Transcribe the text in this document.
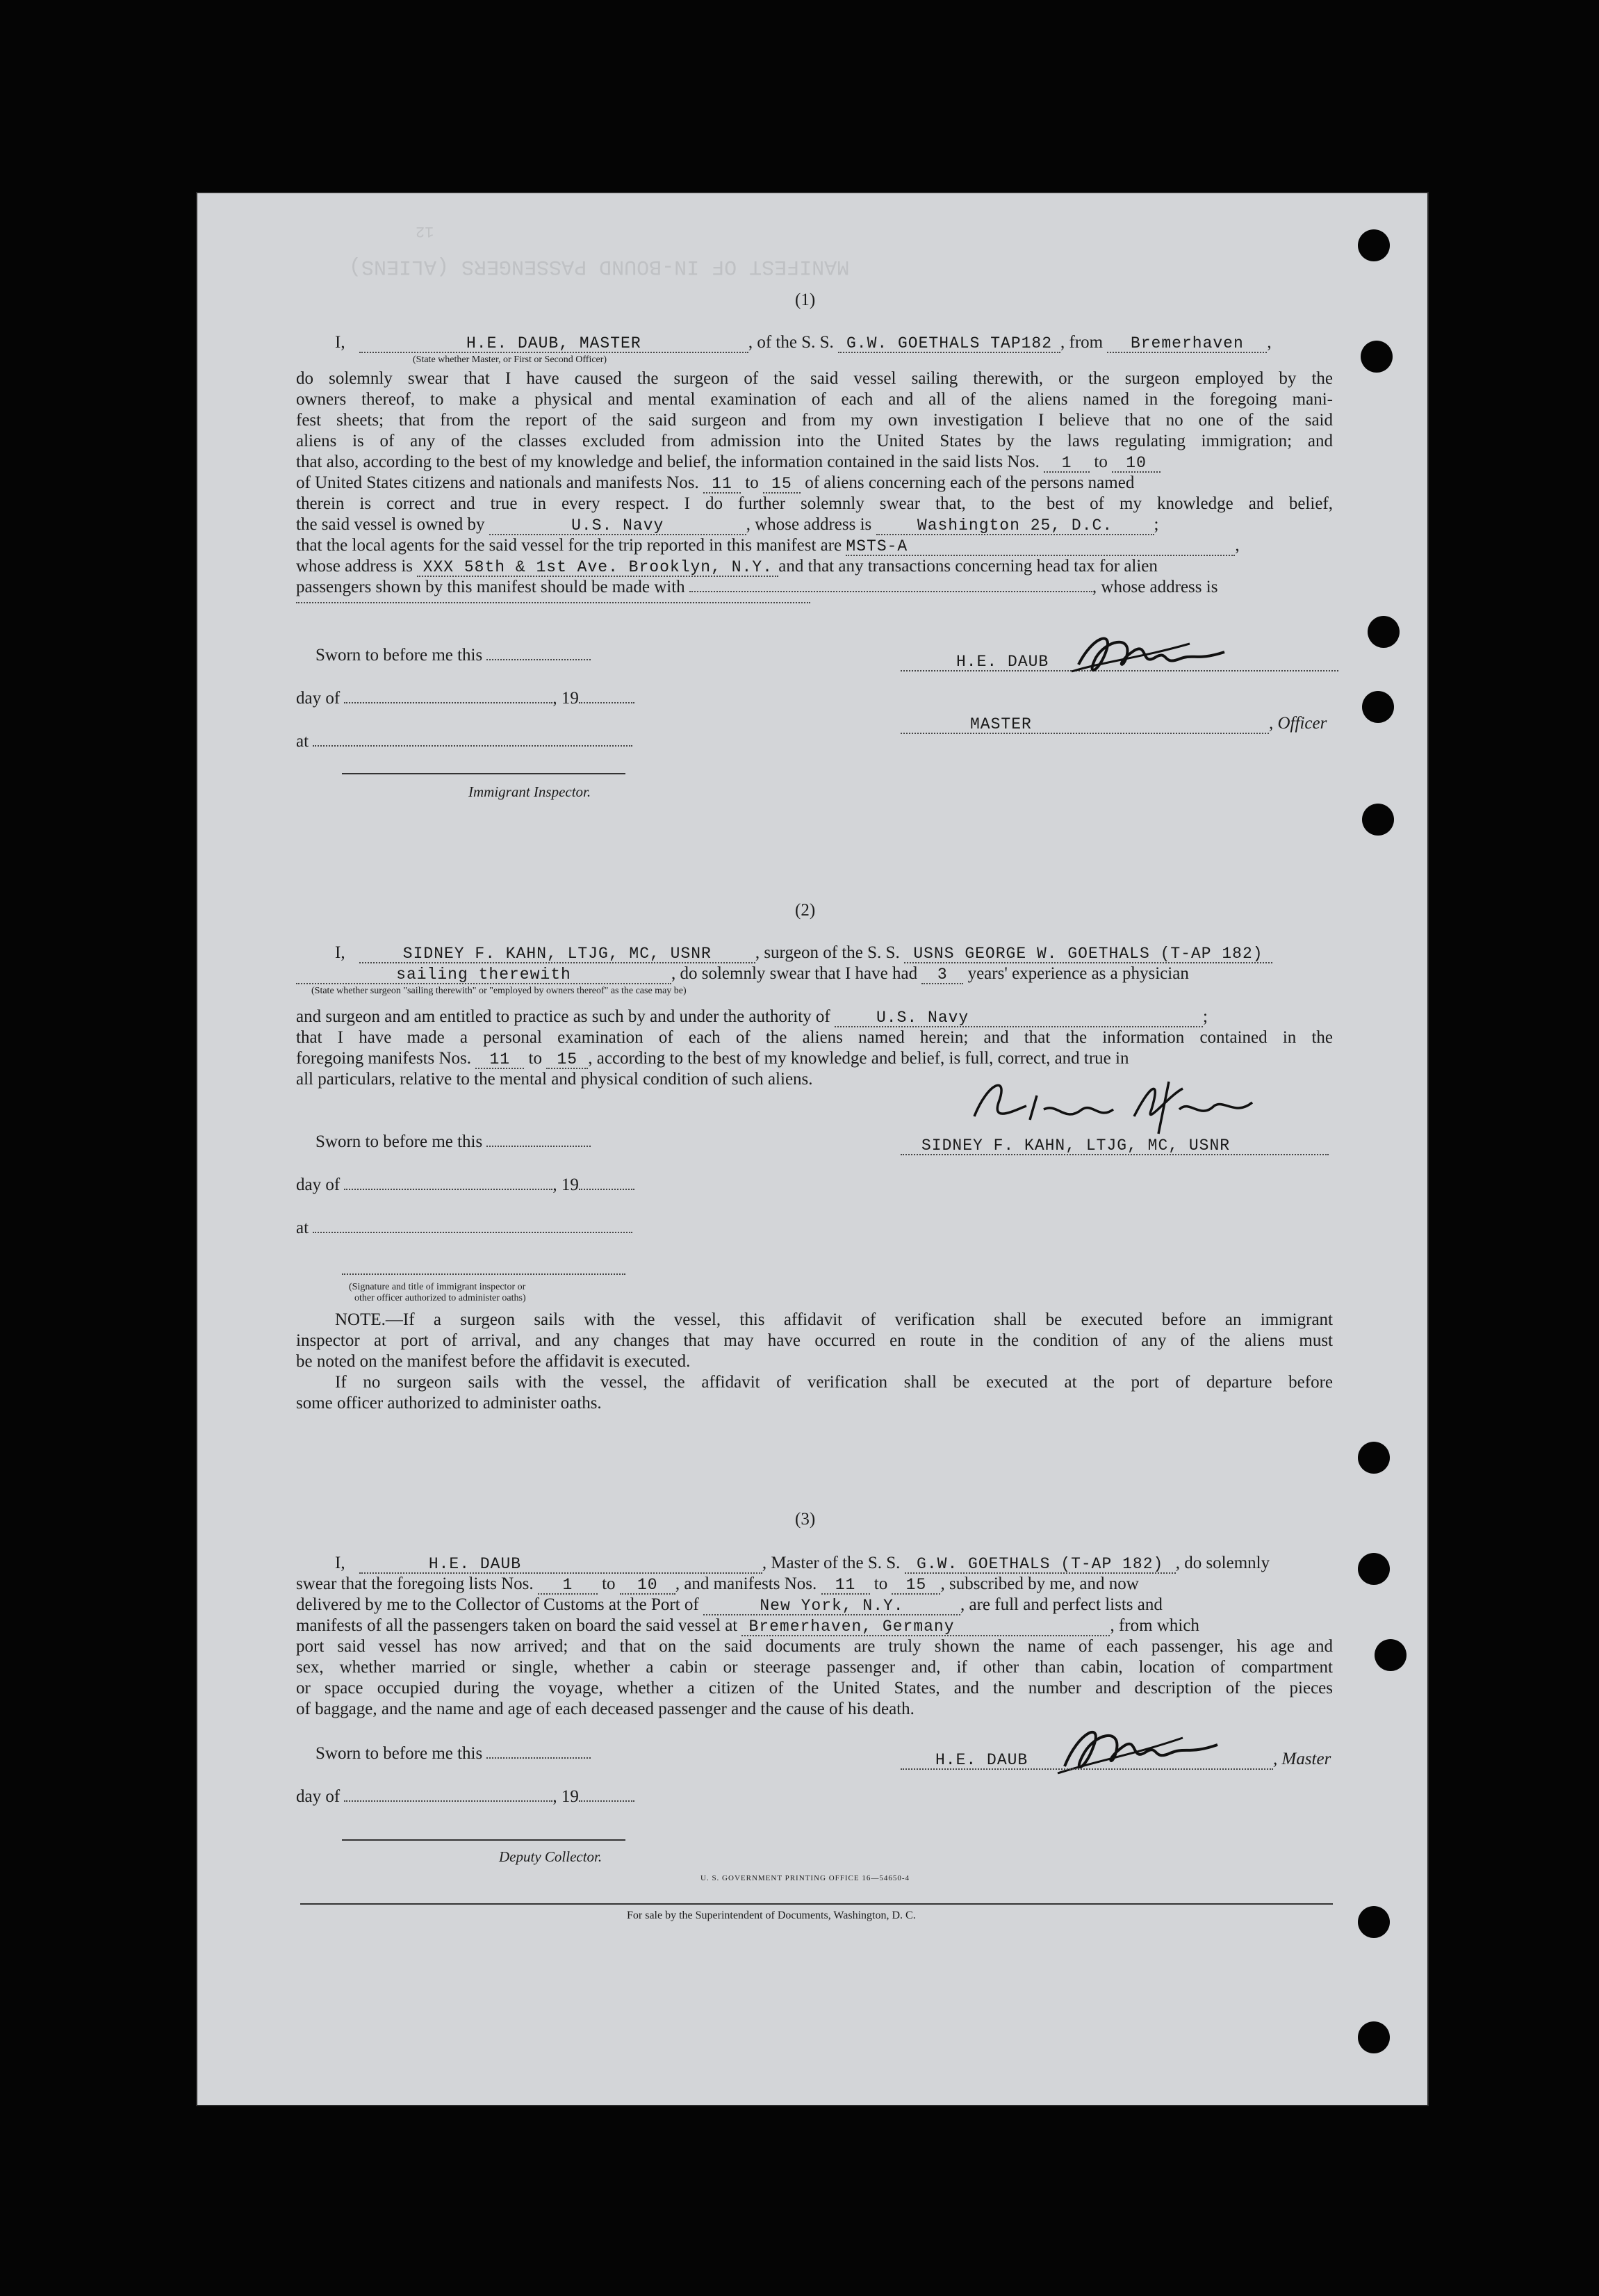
12
MANIFEST OF IN-BOUND PASSENGERS (ALIENS)
(1)
I,	H.E. DAUB, MASTER	, of the S. S. G.W. GOETHALS TAP182 , from Bremerhaven ,
(State whether Master, or First or Second Officer)
do solemnly swear that I have caused the surgeon of the said vessel sailing therewith, or the surgeon employed by the
owners thereof, to make a physical and mental examination of each and all of the aliens named in the foregoing mani-
fest sheets; that from the report of the said surgeon and from my own investigation I believe that no one of the said
aliens is of any of the classes excluded from admission into the United States by the laws regulating immigration; and
that also, according to the best of my knowledge and belief, the information contained in the said lists Nos. 1 to 10
of United States citizens and nationals and manifests Nos. 11 to 15 of aliens concerning each of the persons named
therein is correct and true in every respect. I do further solemnly swear that, to the best of my knowledge and belief,
the said vessel is owned by	U.S. Navy	, whose address is	Washington 25, D.C. ;
that the local agents for the said vessel for the trip reported in this manifest are MSTS-A	,
whose address is XXX 58th & 1st Ave. Brooklyn, N.Y. and that any transactions concerning head tax for alien
passengers shown by this manifest should be made with	, whose address is
Sworn to before me this
day of	, 19
at
Immigrant Inspector.
H.E. DAUB
MASTER	, Officer
(2)
I,	SIDNEY F. KAHN, LTJG, MC, USNR	, surgeon of the S. S. USNS GEORGE W. GOETHALS (T-AP 182)
sailing therewith	, do solemnly swear that I have had 3 years' experience as a physician
(State whether surgeon "sailing therewith" or "employed by owners thereof" as the case may be)
and surgeon and am entitled to practice as such by and under the authority of	U.S. Navy	;
that I have made a personal examination of each of the aliens named herein; and that the information contained in the
foregoing manifests Nos. 11 to 15 , according to the best of my knowledge and belief, is full, correct, and true in
all particulars, relative to the mental and physical condition of such aliens.
Sworn to before me this
day of	, 19
at
(Signature and title of immigrant inspector or
other officer authorized to administer oaths)
SIDNEY F. KAHN, LTJG, MC, USNR
NOTE.—If a surgeon sails with the vessel, this affidavit of verification shall be executed before an immigrant
inspector at port of arrival, and any changes that may have occurred en route in the condition of any of the aliens must
be noted on the manifest before the affidavit is executed.
If no surgeon sails with the vessel, the affidavit of verification shall be executed at the port of departure before
some officer authorized to administer oaths.
(3)
I,	H.E. DAUB	, Master of the S. S. G.W. GOETHALS (T-AP 182) , do solemnly
swear that the foregoing lists Nos. 1 to 10 , and manifests Nos. 11 to 15 , subscribed by me, and now
delivered by me to the Collector of Customs at the Port of	New York, N.Y.	, are full and perfect lists and
manifests of all the passengers taken on board the said vessel at Bremerhaven, Germany	, from which
port said vessel has now arrived; and that on the said documents are truly shown the name of each passenger, his age and
sex, whether married or single, whether a cabin or steerage passenger and, if other than cabin, location of compartment
or space occupied during the voyage, whether a citizen of the United States, and the number and description of the pieces
of baggage, and the name and age of each deceased passenger and the cause of his death.
Sworn to before me this
day of	, 19
Deputy Collector.
H.E. DAUB	, Master
U. S. GOVERNMENT PRINTING OFFICE 16—54650-4
For sale by the Superintendent of Documents, Washington, D. C.
